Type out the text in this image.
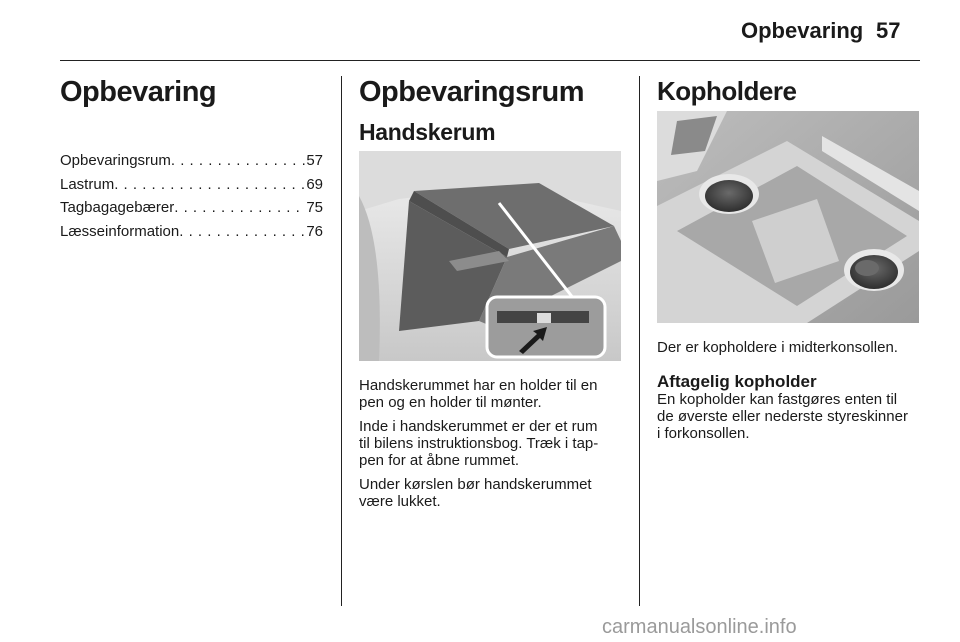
Opbevaring 57
Opbevaring
Opbevaringsrum . . .	57
Lastrum . . .	69
Tagbagagebærer . . .	75
Læsseinformation . . .	76
Opbevaringsrum
Handskerum
Handskerummet har en holder til en
pen og en holder til mønter.
Inde i handskerummet er der et rum
til bilens instruktionsbog. Træk i tap-
pen for at åbne rummet.
Under kørslen bør handskerummet
være lukket.
Kopholdere
Der er kopholdere i midterkonsollen.
Aftagelig kopholder
En kopholder kan fastgøres enten til
de øverste eller nederste styreskinner
i forkonsollen.
carmanualsonline.info
